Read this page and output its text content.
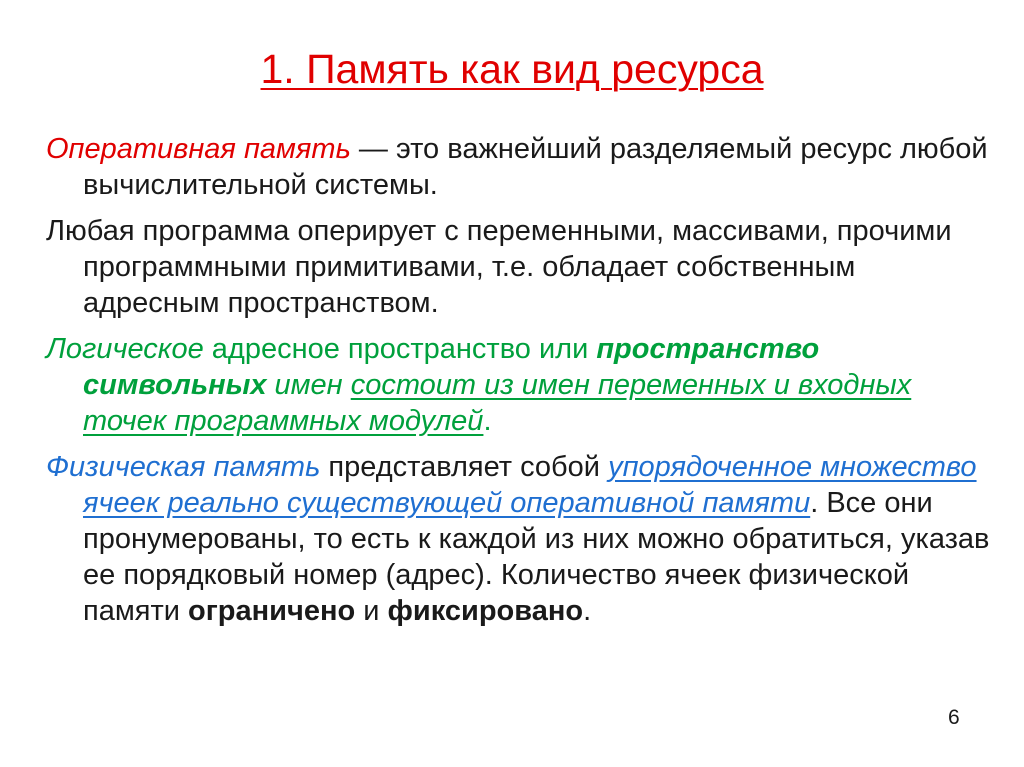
1. Память как вид ресурса

Оперативная память — это важнейший разделяемый ресурс любой вычислительной системы.

Любая программа оперирует с переменными, массивами, прочими программными примитивами, т.е. обладает собственным адресным пространством.

Логическое адресное пространство или пространство символьных имен состоит из имен переменных и входных точек программных модулей.

Физическая память представляет собой упорядоченное множество ячеек реально существующей оперативной памяти. Все они пронумерованы, то есть к каждой из них можно обратиться, указав ее порядковый номер (адрес). Количество ячеек физической памяти ограничено и фиксировано.

6
